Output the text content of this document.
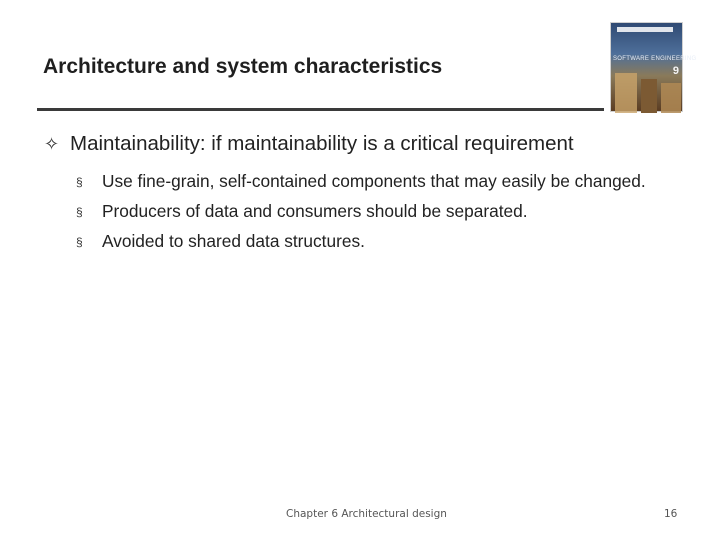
Architecture and system characteristics	SOFTWARE ENGINEERING
9
✧ Maintainability: if maintainability is a critical requirement
§ Use fine-grain, self-contained components that may easily be changed.
§ Producers of data and consumers should be separated.
§ Avoided to shared data structures.
Chapter 6 Architectural design	16
